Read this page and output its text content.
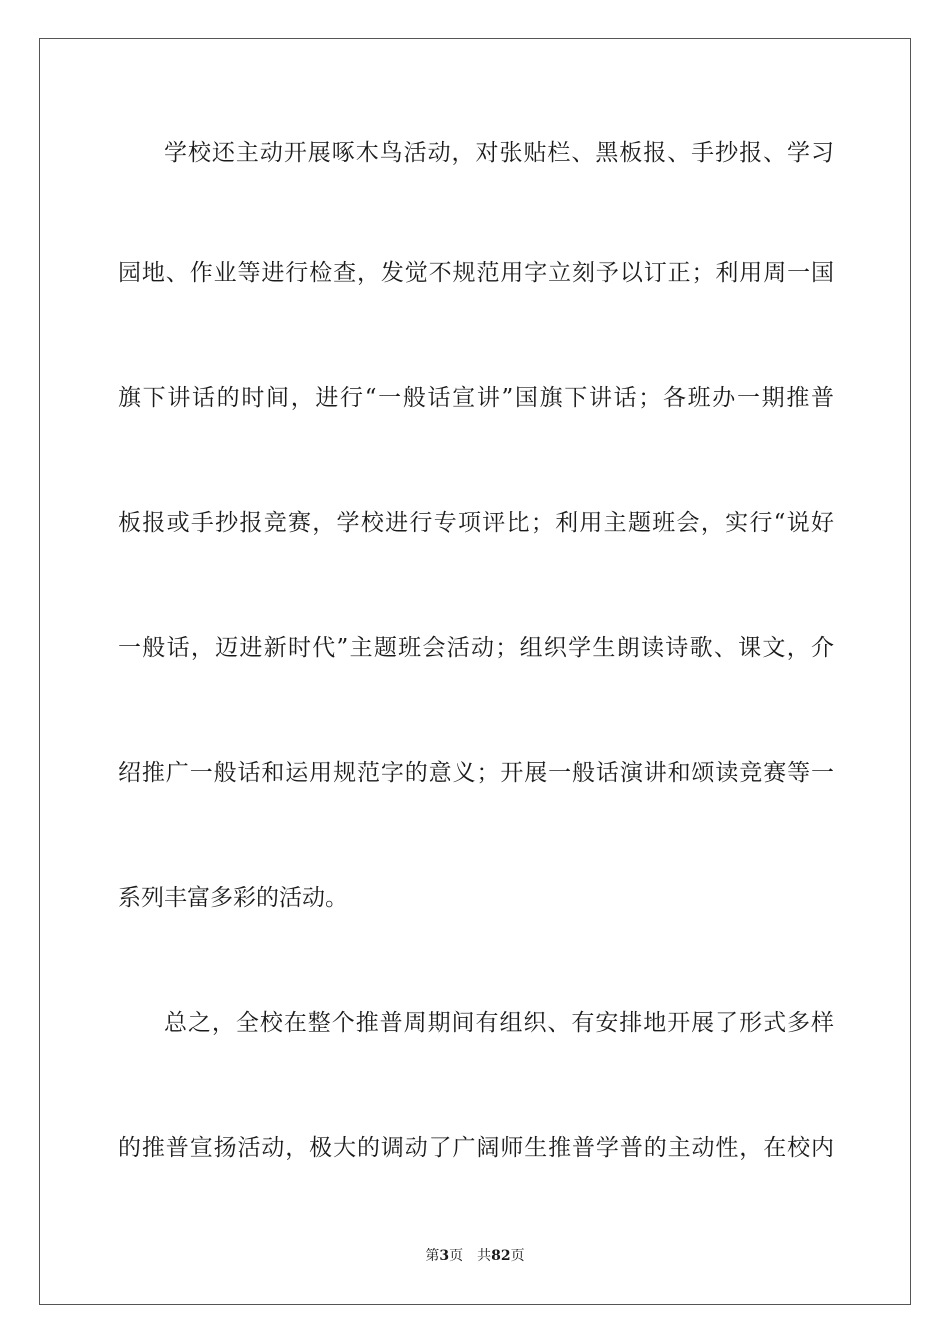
学校还主动开展啄木鸟活动，对张贴栏、黑板报、手抄报、学习
园地、作业等进行检查，发觉不规范用字立刻予以订正；利用周一国
旗下讲话的时间，进行“一般话宣讲”国旗下讲话；各班办一期推普
板报或手抄报竞赛，学校进行专项评比；利用主题班会，实行“说好
一般话，迈进新时代”主题班会活动；组织学生朗读诗歌、课文，介
绍推广一般话和运用规范字的意义；开展一般话演讲和颂读竞赛等一
系列丰富多彩的活动。
总之，全校在整个推普周期间有组织、有安排地开展了形式多样
的推普宣扬活动，极大的调动了广阔师生推普学普的主动性，在校内
第3页 共82页
